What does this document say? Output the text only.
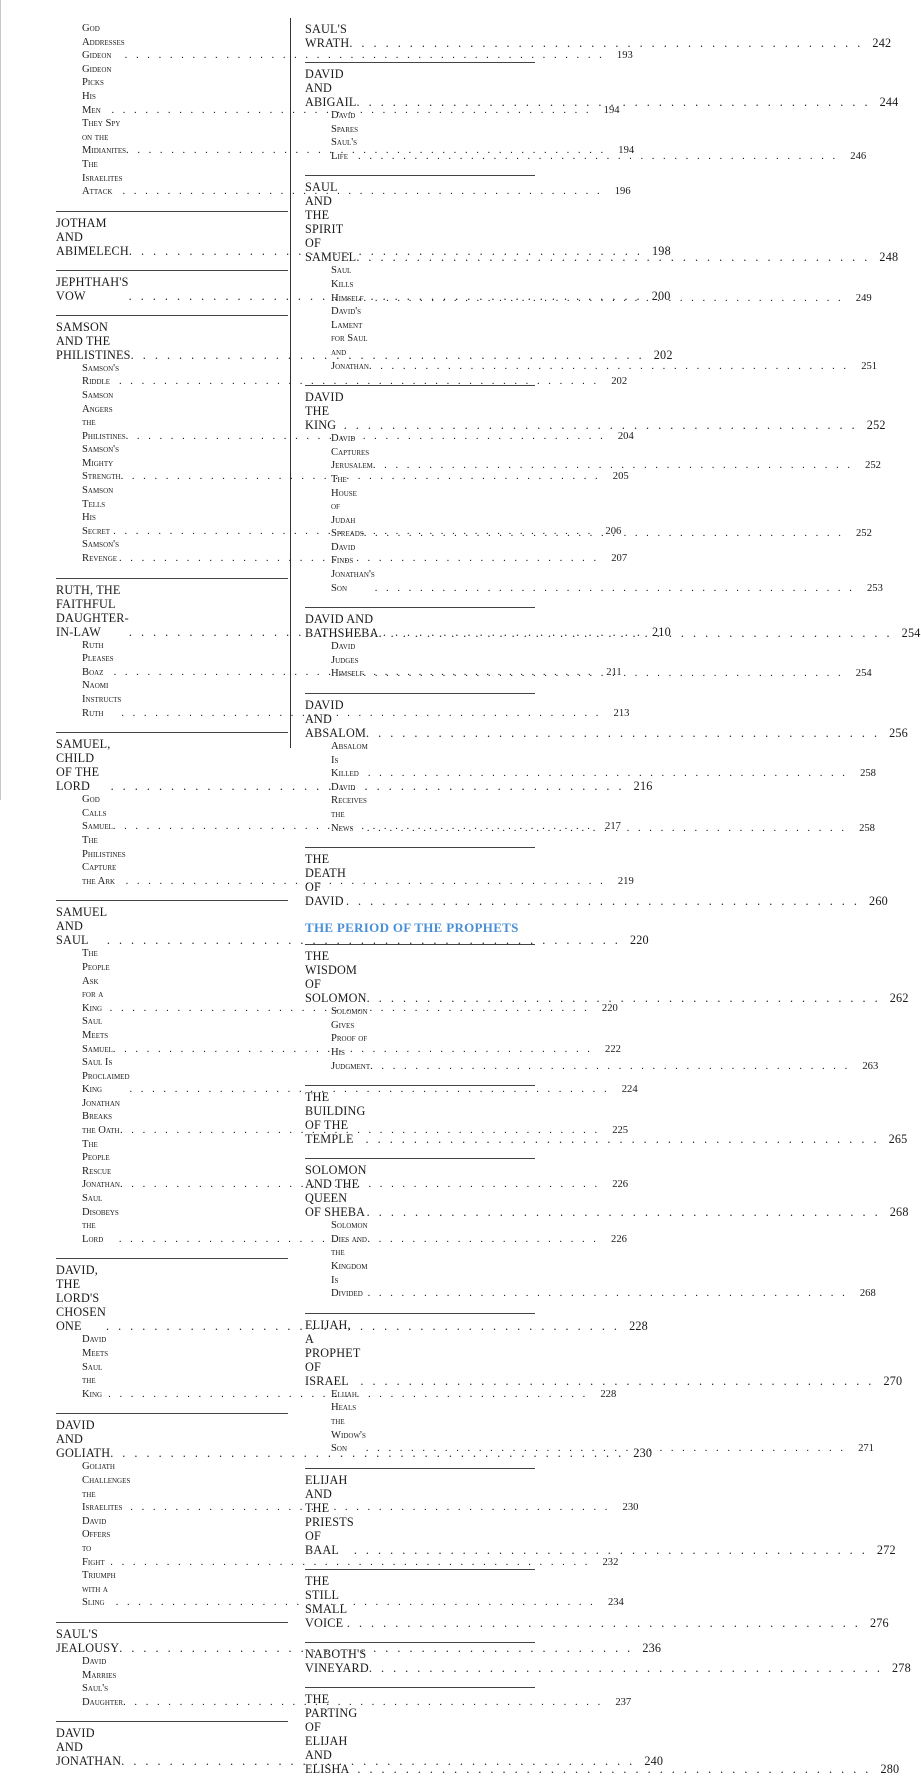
God Addresses Gideon . . .	193
Gideon Picks His Men . . .	194
They Spy on the Midianites . . .	194
The Israelites Attack . . .	196
JOTHAM AND ABIMELECH . . .	198
JEPHTHAH'S VOW . . .	200
SAMSON AND THE
PHILISTINES . . .	202
Samson's Riddle . . .	202
Samson Angers the
Philistines . . .	204
Samson's Mighty Strength . . .	205
Samson Tells His Secret . . .	206
Samson's Revenge . . .	207
RUTH, THE FAITHFUL
DAUGHTER-IN-LAW . . .	210
Ruth Pleases Boaz . . .	211
Naomi Instructs Ruth . . .	213
SAMUEL, CHILD OF THE LORD . . .	216
God Calls Samuel . . .	217
The Philistines Capture
the Ark . . .	219
SAMUEL AND SAUL . . .	220
The People Ask for a King . . .	220
Saul Meets Samuel . . .	222
Saul Is Proclaimed King . . .	224
Jonathan Breaks the Oath . . .	225
The People Rescue
Jonathan . . .	226
Saul Disobeys the Lord . . .	226
DAVID, THE LORD'S
CHOSEN ONE . . .	228
David Meets Saul the King . . .	228
DAVID AND GOLIATH . . .	230
Goliath Challenges the
Israelites . . .	230
David Offers to Fight . . .	232
Triumph with a Sling . . .	234
SAUL'S JEALOUSY . . .	236
David Marries Saul's
Daughter . . .	237
DAVID AND JONATHAN . . .	240
SAUL'S WRATH . . .	242
DAVID AND ABIGAIL . . .	244
David Spares Saul's Life . . .	246
SAUL AND THE SPIRIT OF
SAMUEL . . .	248
Saul Kills Himself . . .	249
David's Lament for Saul
and Jonathan . . .	251
DAVID THE KING . . .	252
David Captures Jerusalem . . .	252
The House of Judah Spreads . . .	252
David Finds Jonathan's
Son . . .	253
DAVID AND BATHSHEBA . . .	254
David Judges Himself . . .	254
DAVID AND ABSALOM . . .	256
Absalom Is Killed . . .	258
David Receives the News . . .	258
THE DEATH OF DAVID . . .	260
THE PERIOD OF THE PROPHETS
THE WISDOM OF SOLOMON . . .	262
Solomon Gives Proof of
His Judgment . . .	263
THE BUILDING OF THE
TEMPLE . . .	265
SOLOMON AND THE QUEEN
OF SHEBA . . .	268
Solomon Dies and the
Kingdom Is Divided . . .	268
ELIJAH, A PROPHET OF
ISRAEL . . .	270
Elijah Heals the Widow's
Son . . .	271
ELIJAH AND THE PRIESTS
OF BAAL . . .	272
THE STILL SMALL VOICE . . .	276
NABOTH'S VINEYARD . . .	278
THE PARTING OF ELIJAH
AND ELISHA . . .	280
